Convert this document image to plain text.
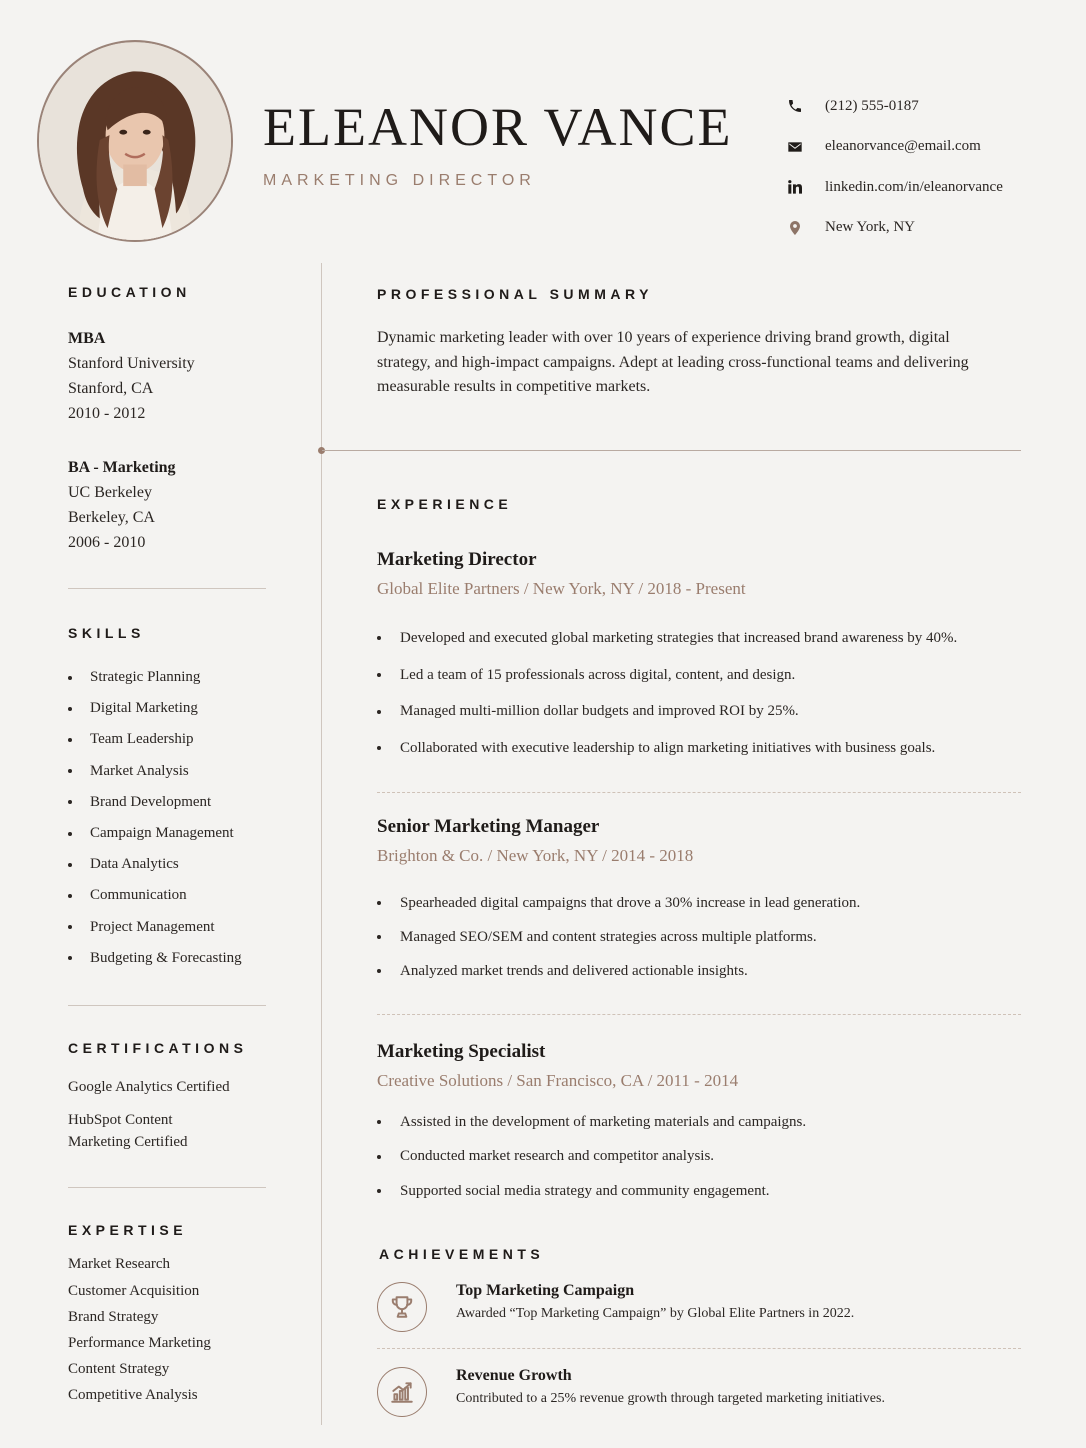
ELEANOR VANCE
MARKETING DIRECTOR
(212) 555-0187
eleanorvance@email.com
linkedin.com/in/eleanorvance
New York, NY
EDUCATION
MBA
Stanford University
Stanford, CA
2010 - 2012
BA - Marketing
UC Berkeley
Berkeley, CA
2006 - 2010
SKILLS
Strategic Planning
Digital Marketing
Team Leadership
Market Analysis
Brand Development
Campaign Management
Data Analytics
Communication
Project Management
Budgeting & Forecasting
CERTIFICATIONS
Google Analytics Certified
HubSpot Content Marketing Certified
EXPERTISE
Market Research
Customer Acquisition
Brand Strategy
Performance Marketing
Content Strategy
Competitive Analysis
PROFESSIONAL SUMMARY
Dynamic marketing leader with over 10 years of experience driving brand growth, digital strategy, and high-impact campaigns. Adept at leading cross-functional teams and delivering measurable results in competitive markets.
EXPERIENCE
Marketing Director
Global Elite Partners / New York, NY / 2018 - Present
Developed and executed global marketing strategies that increased brand awareness by 40%.
Led a team of 15 professionals across digital, content, and design.
Managed multi-million dollar budgets and improved ROI by 25%.
Collaborated with executive leadership to align marketing initiatives with business goals.
Senior Marketing Manager
Brighton & Co. / New York, NY / 2014 - 2018
Spearheaded digital campaigns that drove a 30% increase in lead generation.
Managed SEO/SEM and content strategies across multiple platforms.
Analyzed market trends and delivered actionable insights.
Marketing Specialist
Creative Solutions / San Francisco, CA / 2011 - 2014
Assisted in the development of marketing materials and campaigns.
Conducted market research and competitor analysis.
Supported social media strategy and community engagement.
ACHIEVEMENTS
Top Marketing Campaign
Awarded “Top Marketing Campaign” by Global Elite Partners in 2022.
Revenue Growth
Contributed to a 25% revenue growth through targeted marketing initiatives.
